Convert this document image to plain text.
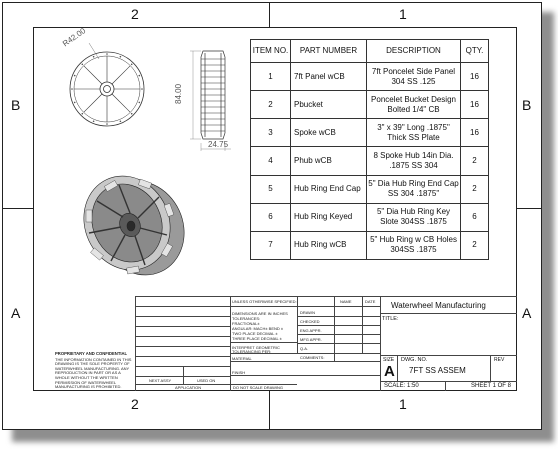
2	1
2	1
B
A
B
A
R42.00
84.00
24.75
ITEM NO.	PART NUMBER	DESCRIPTION	QTY.
1	7ft Panel wCB	7ft Poncelet Side Panel 304 SS .125	16
2	Pbucket	Poncelet Bucket Design Bolted 1/4" CB	16
3	Spoke wCB	3" x 39" Long .1875" Thick SS Plate	16
4	Phub wCB	8 Spoke Hub 14in Dia. .1875 SS 304	2
5	Hub Ring End Cap	5" Dia Hub Ring End Cap SS 304 .1875"	2
6	Hub Ring Keyed	5" Dia Hub Ring Key Slote 304SS .1875	6
7	Hub Ring wCB	5" Hub Ring w CB Holes 304SS .1875	2
PROPRIETARY AND CONFIDENTIAL
THE INFORMATION CONTAINED IN THIS DRAWING IS THE SOLE PROPERTY OF WATERWHEEL MANUFACTURING. ANY REPRODUCTION IN PART OR AS A WHOLE WITHOUT THE WRITTEN PERMISSION OF WATERWHEEL MANUFACTURING IS PROHIBITED.
UNLESS OTHERWISE SPECIFIED:	NAME	DATE
DIMENSIONS ARE IN INCHES
TOLERANCES:
FRACTIONAL±
ANGULAR: MACH± BEND ±
TWO PLACE DECIMAL ±
THREE PLACE DECIMAL ±
INTERPRET GEOMETRIC
TOLERANCING PER:
MATERIAL
FINISH
DO NOT SCALE DRAWING
DRAWN
CHECKED
ENG APPR.
MFG APPR.
Q.A.
COMMENTS:
NEXT ASSY	USED ON
APPLICATION
Waterwheel Manufacturing
TITLE:
SIZE
A
DWG. NO.
7FT SS ASSEM
REV
SCALE: 1:50	SHEET 1 OF 8
